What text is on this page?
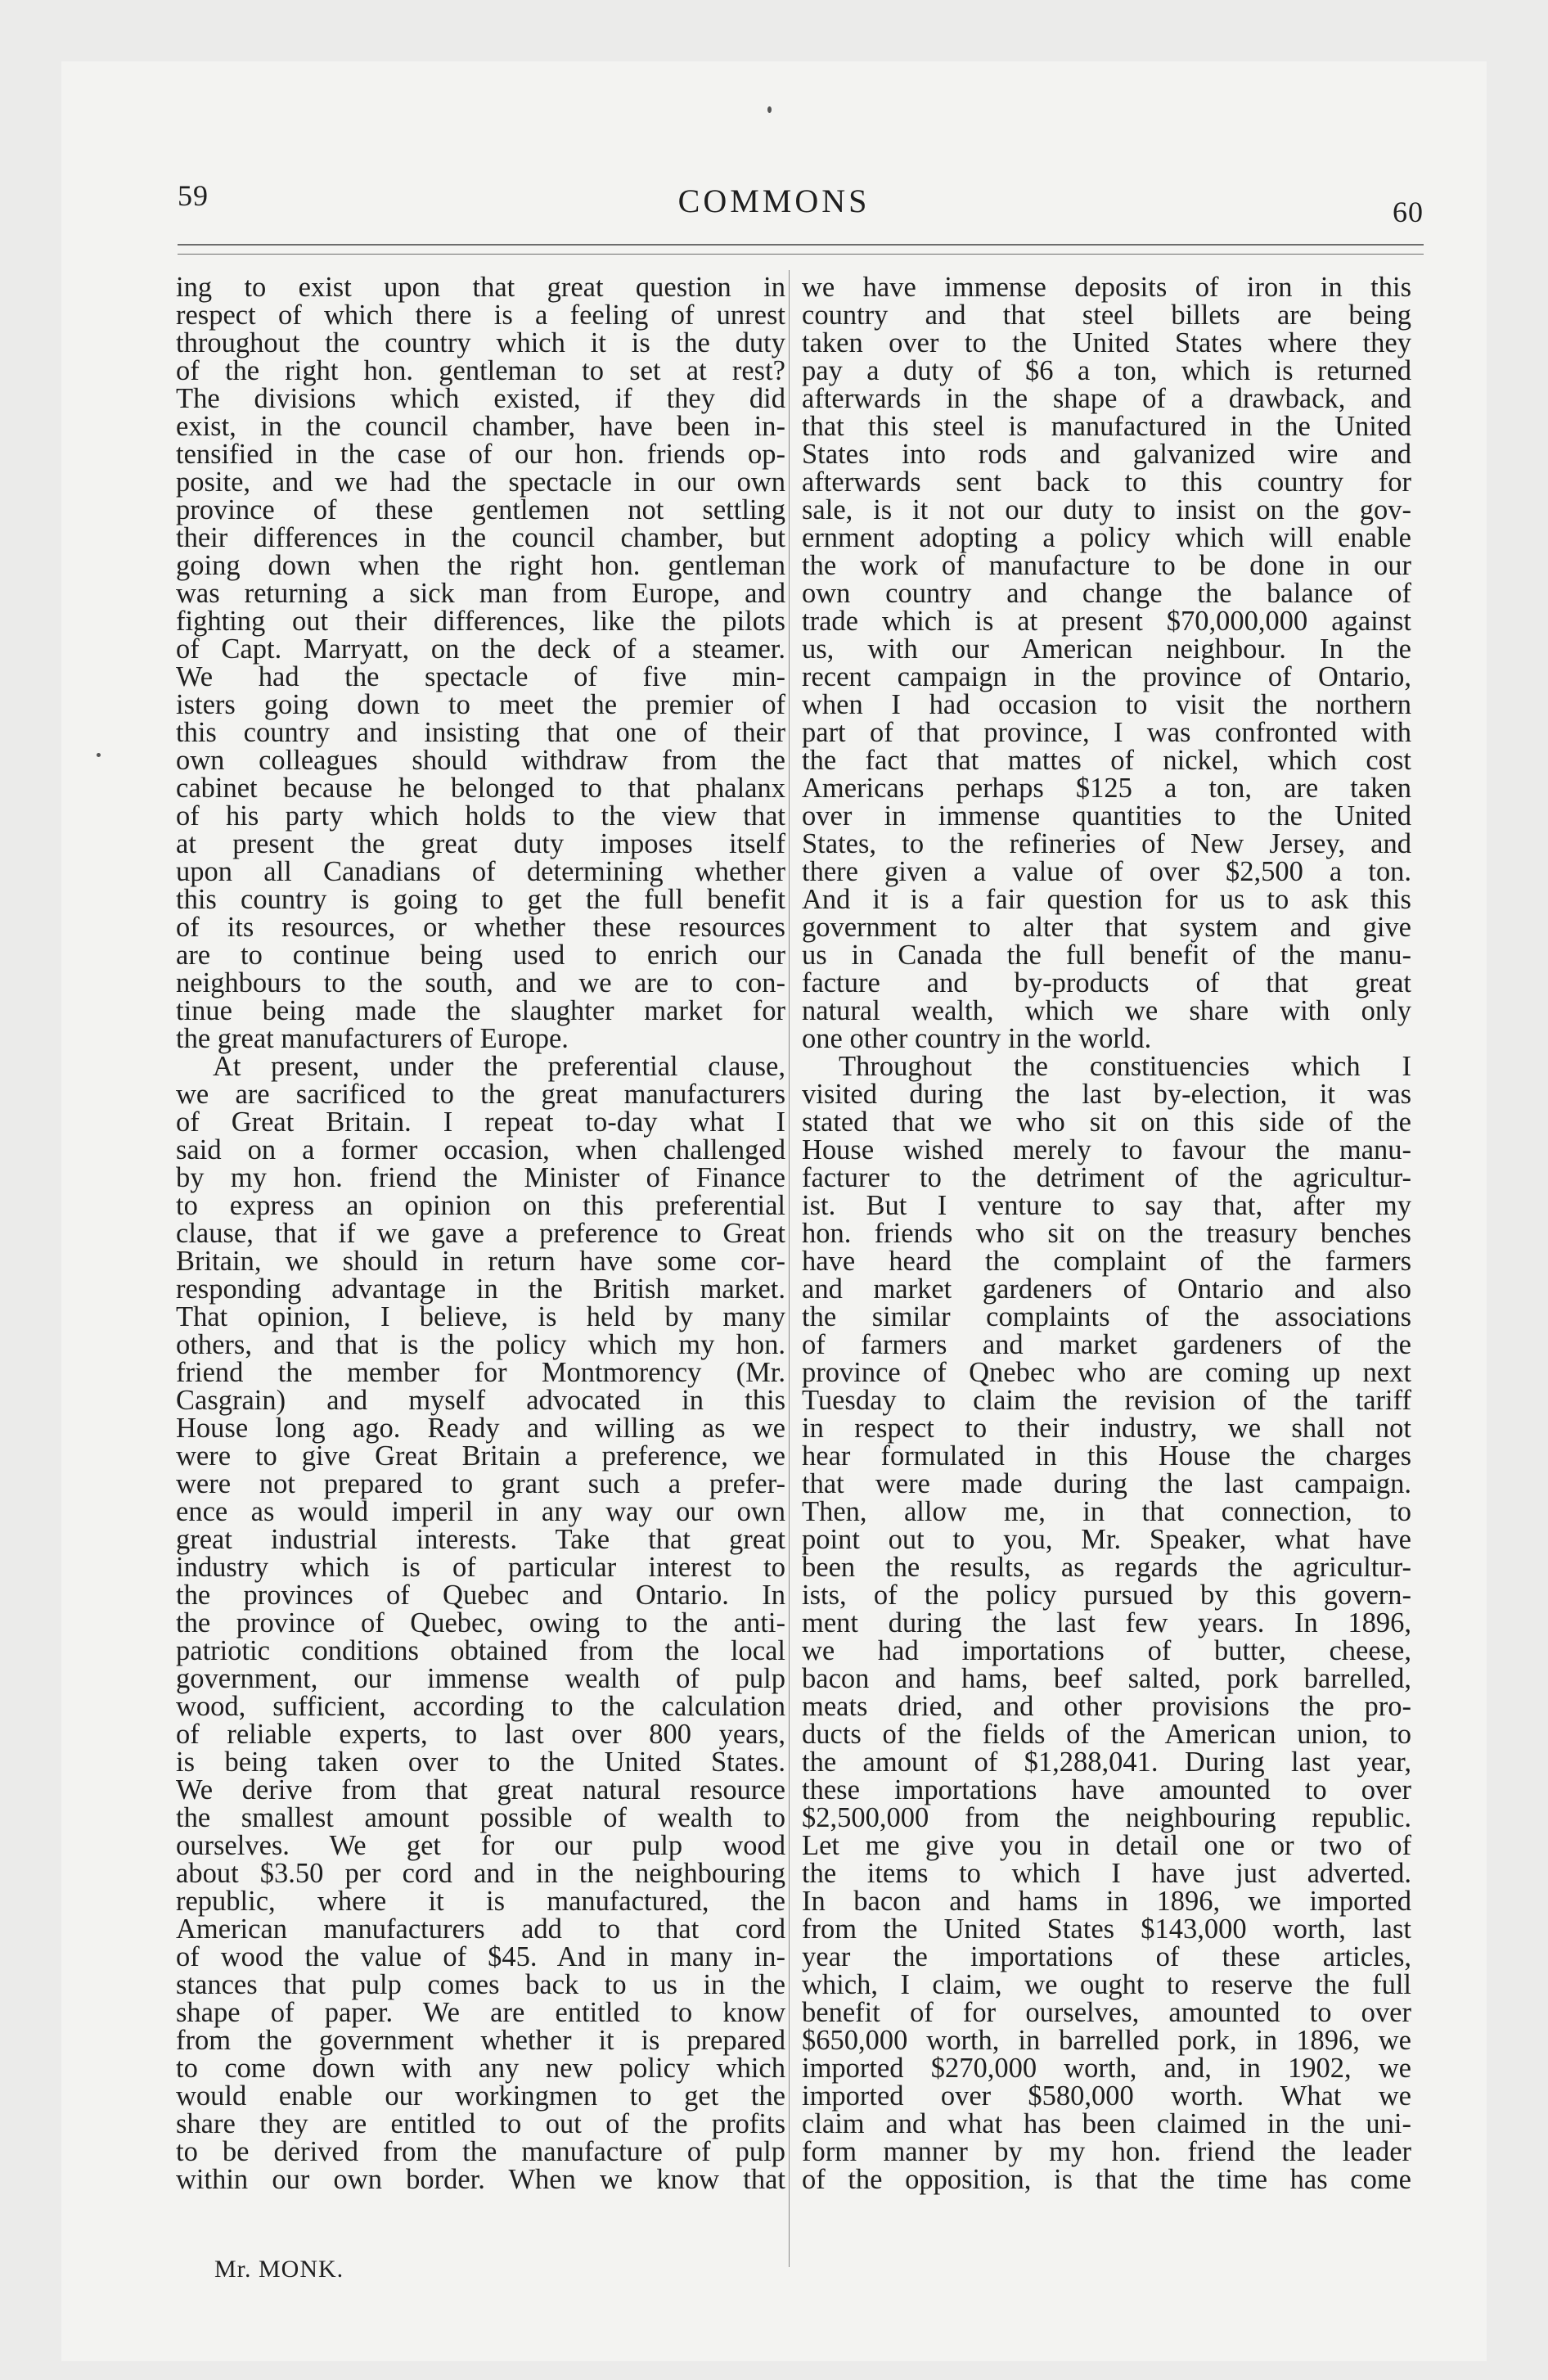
59	COMMONS	60
ing to exist upon that great question in
respect of which there is a feeling of unrest
throughout the country which it is the duty
of the right hon. gentleman to set at rest?
The divisions which existed, if they did
exist, in the council chamber, have been in-
tensified in the case of our hon. friends op-
posite, and we had the spectacle in our own
province of these gentlemen not settling
their differences in the council chamber, but
going down when the right hon. gentleman
was returning a sick man from Europe, and
fighting out their differences, like the pilots
of Capt. Marryatt, on the deck of a steamer.
We had the spectacle of five min-
isters going down to meet the premier of
this country and insisting that one of their
own colleagues should withdraw from the
cabinet because he belonged to that phalanx
of his party which holds to the view that
at present the great duty imposes itself
upon all Canadians of determining whether
this country is going to get the full benefit
of its resources, or whether these resources
are to continue being used to enrich our
neighbours to the south, and we are to con-
tinue being made the slaughter market for
the great manufacturers of Europe.
At present, under the preferential clause,
we are sacrificed to the great manufacturers
of Great Britain. I repeat to-day what I
said on a former occasion, when challenged
by my hon. friend the Minister of Finance
to express an opinion on this preferential
clause, that if we gave a preference to Great
Britain, we should in return have some cor-
responding advantage in the British market.
That opinion, I believe, is held by many
others, and that is the policy which my hon.
friend the member for Montmorency (Mr.
Casgrain) and myself advocated in this
House long ago. Ready and willing as we
were to give Great Britain a preference, we
were not prepared to grant such a prefer-
ence as would imperil in any way our own
great industrial interests. Take that great
industry which is of particular interest to
the provinces of Quebec and Ontario. In
the province of Quebec, owing to the anti-
patriotic conditions obtained from the local
government, our immense wealth of pulp
wood, sufficient, according to the calculation
of reliable experts, to last over 800 years,
is being taken over to the United States.
We derive from that great natural resource
the smallest amount possible of wealth to
ourselves. We get for our pulp wood
about $3.50 per cord and in the neighbouring
republic, where it is manufactured, the
American manufacturers add to that cord
of wood the value of $45. And in many in-
stances that pulp comes back to us in the
shape of paper. We are entitled to know
from the government whether it is prepared
to come down with any new policy which
would enable our workingmen to get the
share they are entitled to out of the profits
to be derived from the manufacture of pulp
within our own border. When we know that
we have immense deposits of iron in this
country and that steel billets are being
taken over to the United States where they
pay a duty of $6 a ton, which is returned
afterwards in the shape of a drawback, and
that this steel is manufactured in the United
States into rods and galvanized wire and
afterwards sent back to this country for
sale, is it not our duty to insist on the gov-
ernment adopting a policy which will enable
the work of manufacture to be done in our
own country and change the balance of
trade which is at present $70,000,000 against
us, with our American neighbour. In the
recent campaign in the province of Ontario,
when I had occasion to visit the northern
part of that province, I was confronted with
the fact that mattes of nickel, which cost
Americans perhaps $125 a ton, are taken
over in immense quantities to the United
States, to the refineries of New Jersey, and
there given a value of over $2,500 a ton.
And it is a fair question for us to ask this
government to alter that system and give
us in Canada the full benefit of the manu-
facture and by-products of that great
natural wealth, which we share with only
one other country in the world.
Throughout the constituencies which I
visited during the last by-election, it was
stated that we who sit on this side of the
House wished merely to favour the manu-
facturer to the detriment of the agricultur-
ist. But I venture to say that, after my
hon. friends who sit on the treasury benches
have heard the complaint of the farmers
and market gardeners of Ontario and also
the similar complaints of the associations
of farmers and market gardeners of the
province of Qnebec who are coming up next
Tuesday to claim the revision of the tariff
in respect to their industry, we shall not
hear formulated in this House the charges
that were made during the last campaign.
Then, allow me, in that connection, to
point out to you, Mr. Speaker, what have
been the results, as regards the agricultur-
ists, of the policy pursued by this govern-
ment during the last few years. In 1896,
we had importations of butter, cheese,
bacon and hams, beef salted, pork barrelled,
meats dried, and other provisions the pro-
ducts of the fields of the American union, to
the amount of $1,288,041. During last year,
these importations have amounted to over
$2,500,000 from the neighbouring republic.
Let me give you in detail one or two of
the items to which I have just adverted.
In bacon and hams in 1896, we imported
from the United States $143,000 worth, last
year the importations of these articles,
which, I claim, we ought to reserve the full
benefit of for ourselves, amounted to over
$650,000 worth, in barrelled pork, in 1896, we
imported $270,000 worth, and, in 1902, we
imported over $580,000 worth. What we
claim and what has been claimed in the uni-
form manner by my hon. friend the leader
of the opposition, is that the time has come
Mr. MONK.
